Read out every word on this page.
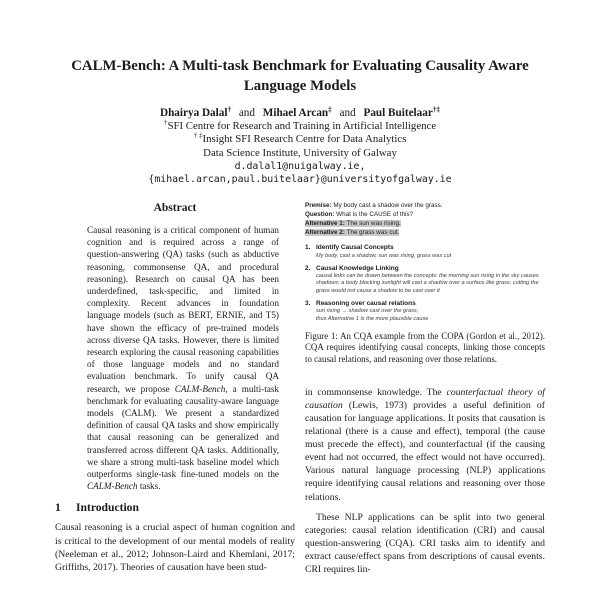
CALM-Bench: A Multi-task Benchmark for Evaluating Causality Aware
Language Models
Dhairya Dalal† and Mihael Arcan‡ and Paul Buitelaar†‡
†SFI Centre for Research and Training in Artificial Intelligence
† ‡Insight SFI Research Centre for Data Analytics
Data Science Institute, University of Galway
d.dalal1@nuigalway.ie,
{mihael.arcan,paul.buitelaar}@universityofgalway.ie
Abstract

Causal reasoning is a critical component of human cognition and is required across a range of question-answering (QA) tasks (such as abductive reasoning, commonsense QA, and procedural reasoning). Research on causal QA has been underdefined, task-specific, and limited in complexity. Recent advances in foundation language models (such as BERT, ERNIE, and T5) have shown the efficacy of pre-trained models across diverse QA tasks. However, there is limited research exploring the causal reasoning capabilities of those language models and no standard evaluation benchmark. To unify causal QA research, we propose CALM-Bench, a multi-task benchmark for evaluating causality-aware language models (CALM). We present a standardized definition of causal QA tasks and show empirically that causal reasoning can be generalized and transferred across different QA tasks. Additionally, we share a strong multi-task baseline model which outperforms single-task fine-tuned models on the CALM-Bench tasks.

1 Introduction

Causal reasoning is a crucial aspect of human cognition and is critical to the development of our mental models of reality (Neeleman et al., 2012; Johnson-Laird and Khemlani, 2017; Griffiths, 2017). Theories of causation have been stud-

Premise: My body cast a shadow over the grass.
Question: What is the CAUSE of this?
Alternative 1: The sun was rising.
Alternative 2: The grass was cut.
1. Identify Causal Concepts
My body, cast a shadow, sun was rising, grass was cut
2. Causal Knowledge Linking
causal links can be drawn between the concepts: the morning sun rising in the sky causes shadows; a body blocking sunlight will cast a shadow over a surface like grass; cutting the grass would not cause a shadow to be cast over it
3. Reasoning over causal relations
sun rising → shadow cast over the grass,
thus Alternative 1 is the more plausible cause
Figure 1: An CQA example from the COPA (Gordon et al., 2012). CQA requires identifying causal concepts, linking those concepts to causal relations, and reasoning over those relations.

in commonsense knowledge. The counterfactual theory of causation (Lewis, 1973) provides a useful definition of causation for language applications. It posits that causation is relational (there is a cause and effect), temporal (the cause must precede the effect), and counterfactual (if the causing event had not occurred, the effect would not have occurred). Various natural language processing (NLP) applications require identifying causal relations and reasoning over those relations.

These NLP applications can be split into two general categories: causal relation identification (CRI) and causal question-answering (CQA). CRI tasks aim to identify and extract cause/effect spans from descriptions of causal events. CRI requires lin-
